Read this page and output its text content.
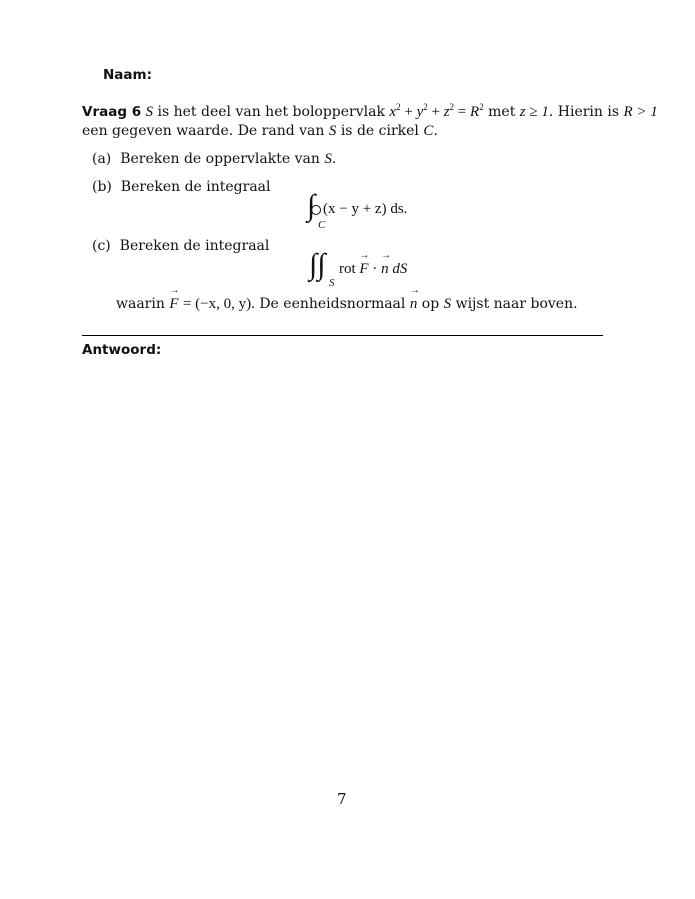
Naam:
Vraag 6 S is het deel van het boloppervlak $x^2 + y^2 + z^2 = R^2$ met z ≥ 1. Hierin is R > 1
een gegeven waarde. De rand van S is de cirkel C.
(a) Bereken de oppervlakte van S.
(b) Bereken de integraal
∫
C
(x − y + z) ds.
(c) Bereken de integraal
∫∫
S
rot → F · → n dS
waarin → F = (−x, 0, y). De eenheidsnormaal → n op S wijst naar boven.
Antwoord:
7
